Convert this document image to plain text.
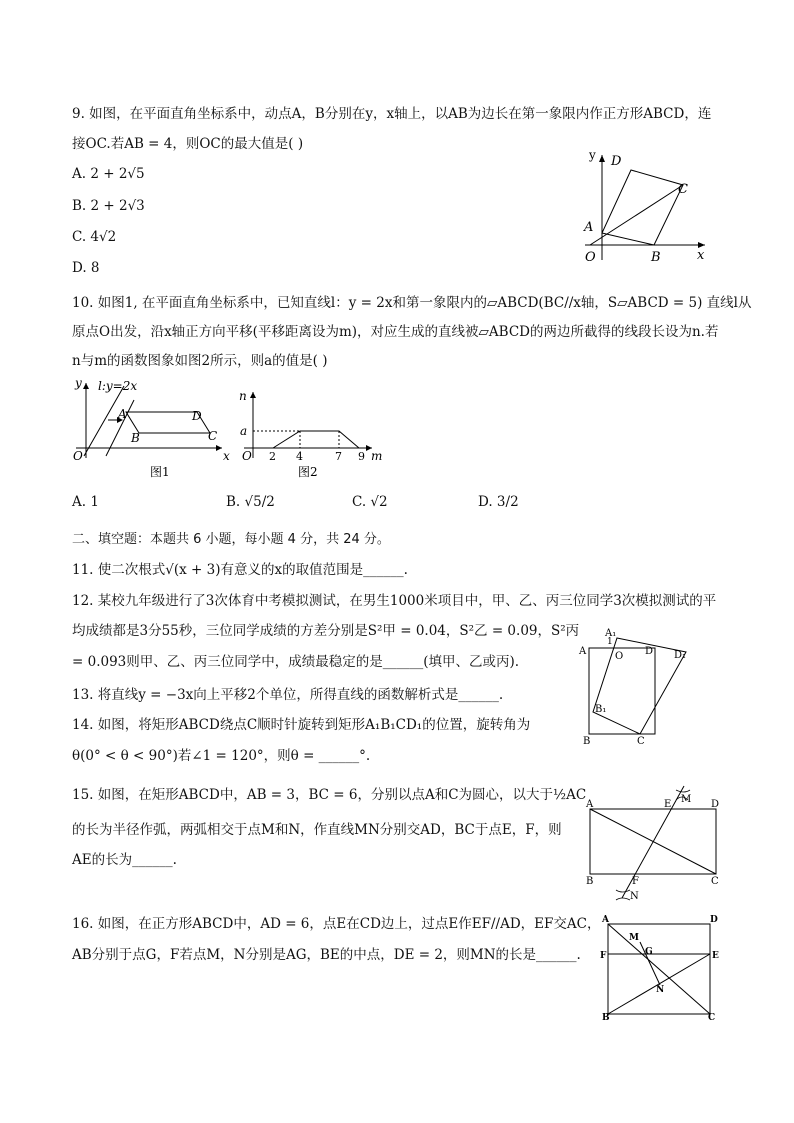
9. 如图，在平面直角坐标系中，动点A，B分别在y，x轴上，以AB为边长在第一象限内作正方形ABCD，连
接OC.若AB = 4，则OC的最大值是( )
A. 2 + 2√5
B. 2 + 2√3
C. 4√2
D. 8
y
x
O
A
B
C
D
10. 如图1, 在平面直角坐标系中，已知直线l：y = 2x和第一象限内的▱ABCD(BC//x轴，S▱ABCD = 5) 直线l从
原点O出发，沿x轴正方向平移(平移距离设为m)，对应生成的直线被▱ABCD的两边所截得的线段长设为n.若
n与m的函数图象如图2所示，则a的值是( )
y l:y=2x
A	D
B	C
O	x
图1
n
a
O 2 4	7 9 m
图2
A. 1	B. √5/2	C. √2	D. 3/2
二、填空题：本题共 6 小题，每小题 4 分，共 24 分。
11. 使二次根式√(x + 3)有意义的x的取值范围是______.
12. 某校九年级进行了3次体育中考模拟测试，在男生1000米项目中，甲、乙、丙三位同学3次模拟测试的平
均成绩都是3分55秒，三位同学成绩的方差分别是S²甲 = 0.04，S²乙 = 0.09，S²丙
= 0.093则甲、乙、丙三位同学中，成绩最稳定的是______(填甲、乙或丙).
13. 将直线y = −3x向上平移2个单位，所得直线的函数解析式是______.
14. 如图，将矩形ABCD绕点C顺时针旋转到矩形A₁B₁CD₁的位置，旋转角为
θ(0° < θ < 90°)若∠1 = 120°，则θ = ______°.
A₁
1
A	O D D₁
B₁
B	C
15. 如图，在矩形ABCD中，AB = 3，BC = 6，分别以点A和C为圆心，以大于½AC
的长为半径作弧，两弧相交于点M和N，作直线MN分别交AD，BC于点E，F，则
AE的长为______.
A	E M D
B	F
N
C
16. 如图，在正方形ABCD中，AD = 6，点E在CD边上，过点E作EF//AD，EF交AC，
AB分别于点G，F若点M，N分别是AG，BE的中点，DE = 2，则MN的长是______.
A	D
M
G
F	E
N
B	C
